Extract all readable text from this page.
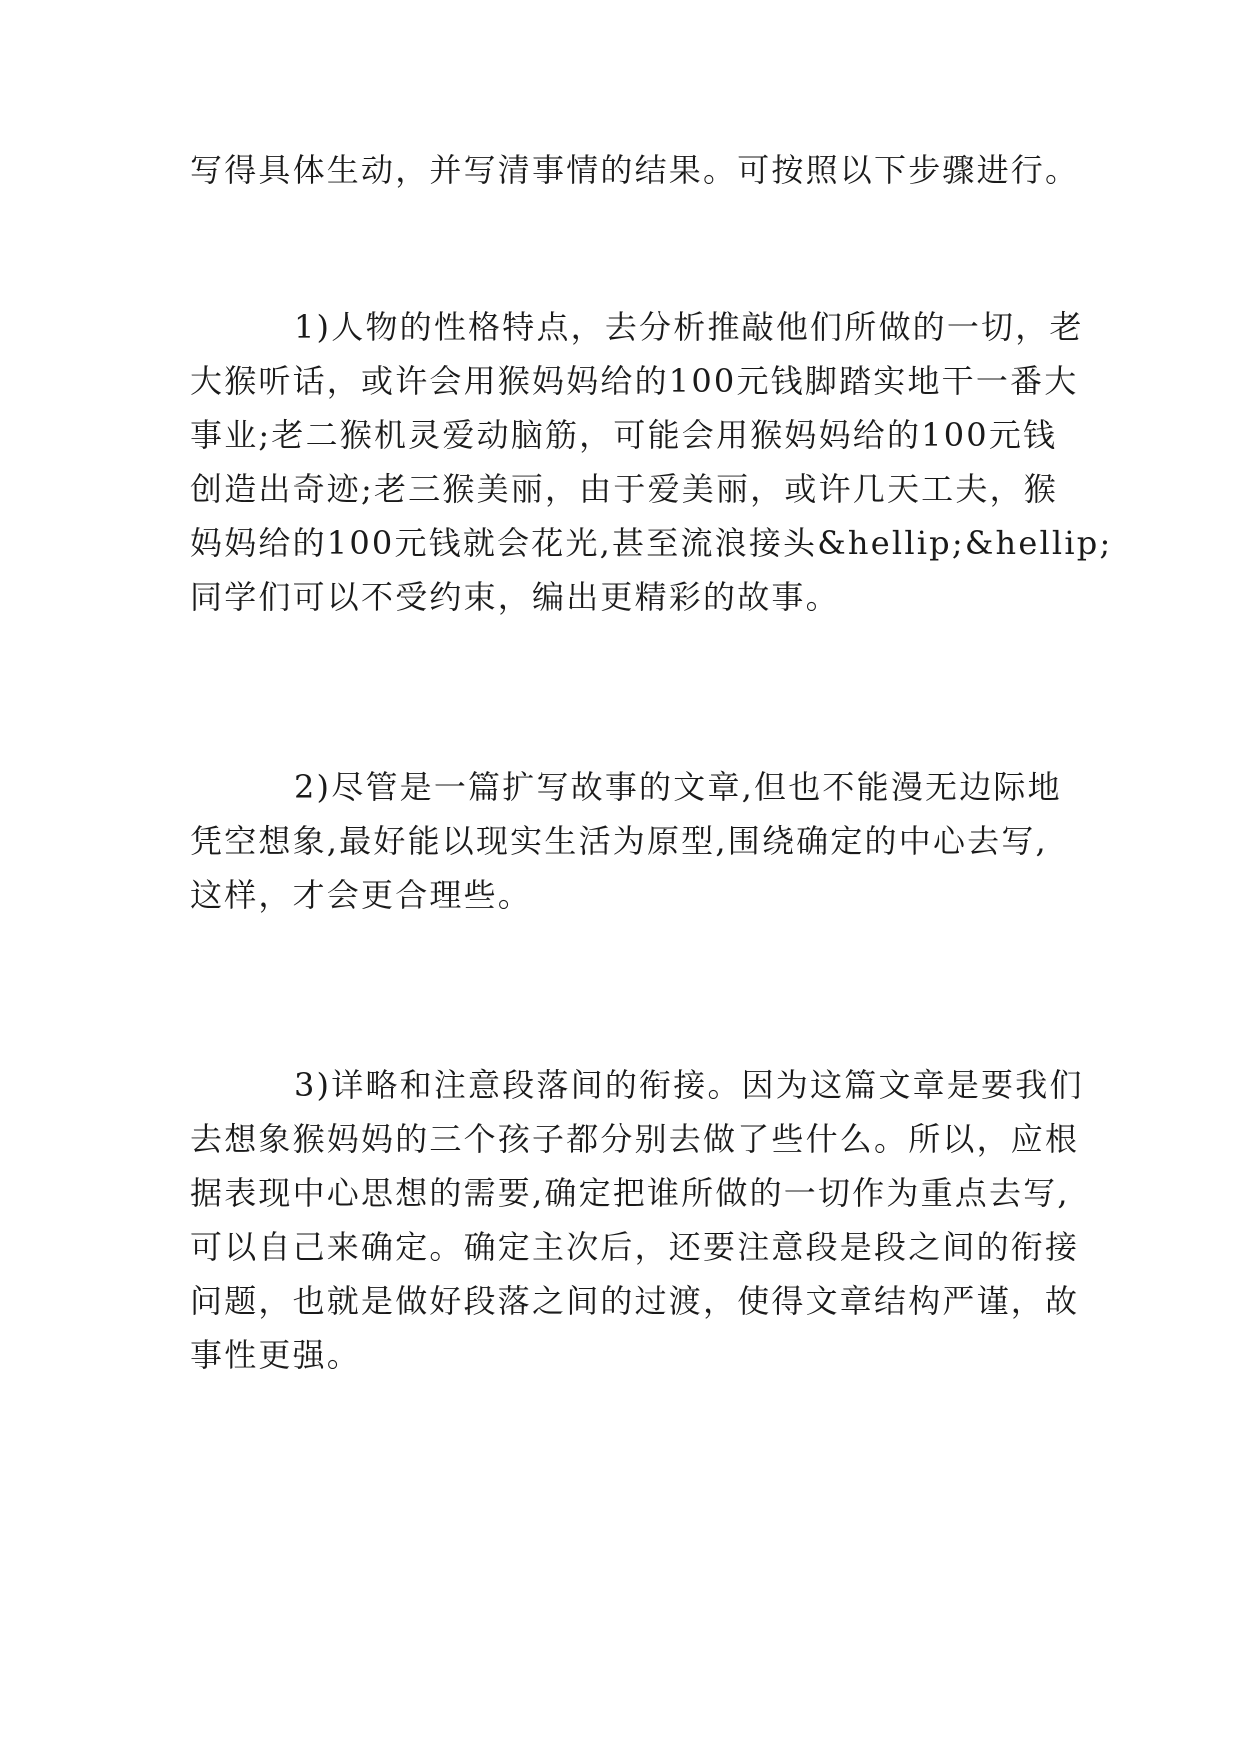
写得具体生动，并写清事情的结果。可按照以下步骤进行。
1)人物的性格特点，去分析推敲他们所做的一切，老
大猴听话，或许会用猴妈妈给的100元钱脚踏实地干一番大
事业;老二猴机灵爱动脑筋，可能会用猴妈妈给的100元钱
创造出奇迹;老三猴美丽，由于爱美丽，或许几天工夫，猴
妈妈给的100元钱就会花光,甚至流浪接头&hellip;&hellip;
同学们可以不受约束，编出更精彩的故事。
2)尽管是一篇扩写故事的文章,但也不能漫无边际地
凭空想象,最好能以现实生活为原型,围绕确定的中心去写,
这样，才会更合理些。
3)详略和注意段落间的衔接。因为这篇文章是要我们
去想象猴妈妈的三个孩子都分别去做了些什么。所以，应根
据表现中心思想的需要,确定把谁所做的一切作为重点去写,
可以自己来确定。确定主次后，还要注意段是段之间的衔接
问题，也就是做好段落之间的过渡，使得文章结构严谨，故
事性更强。
